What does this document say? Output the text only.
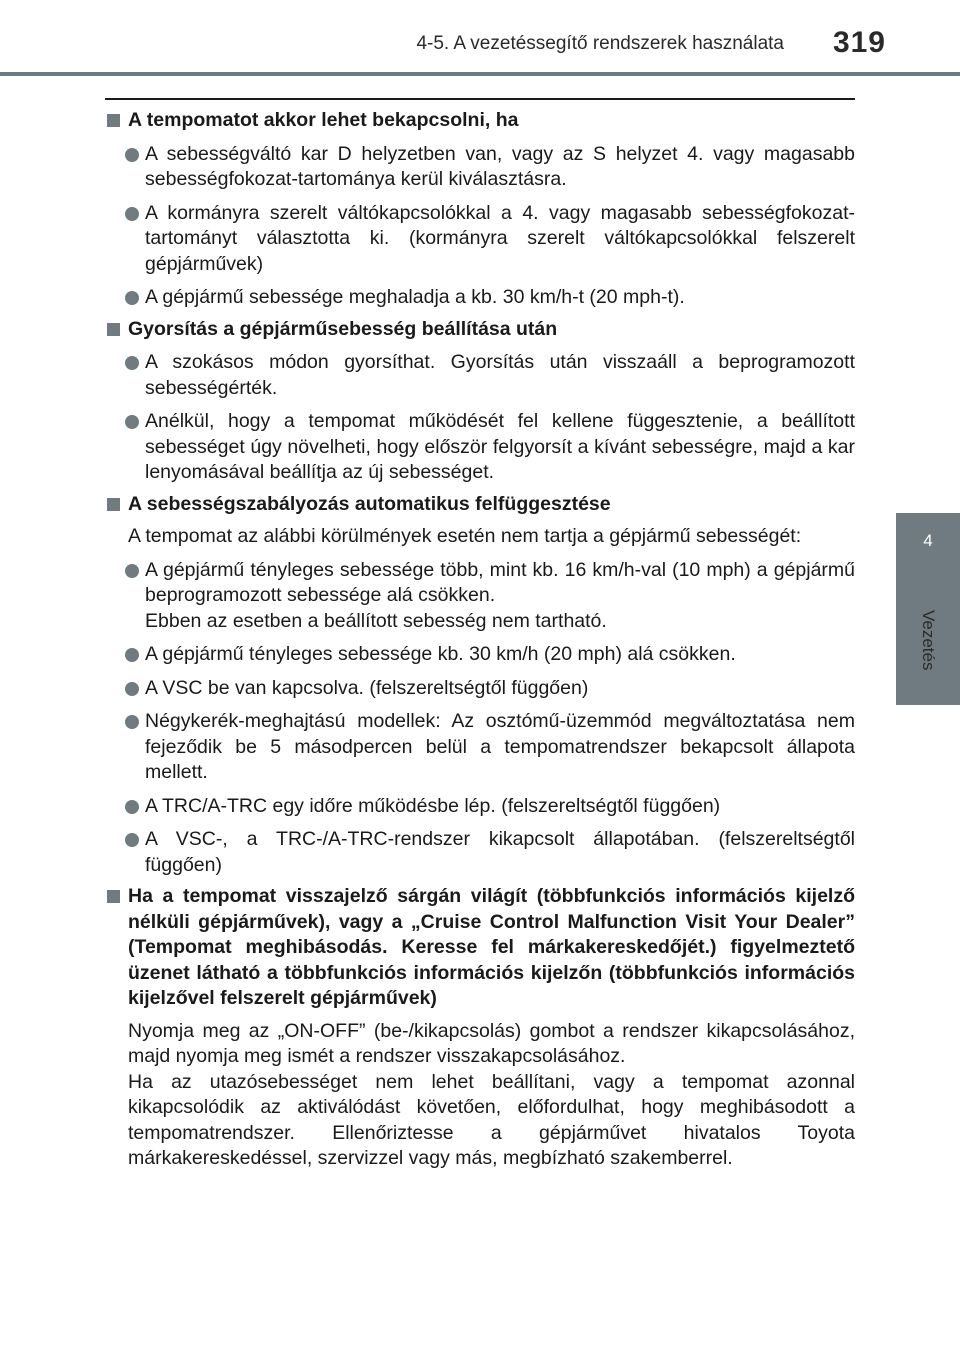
4-5. A vezetéssegítő rendszerek használata	319
4
Vezetés
A tempomatot akkor lehet bekapcsolni, ha
A sebességváltó kar D helyzetben van, vagy az S helyzet 4. vagy magasabb sebességfokozat-tartománya kerül kiválasztásra.
A kormányra szerelt váltókapcsolókkal a 4. vagy magasabb sebességfokozat-tartományt választotta ki. (kormányra szerelt váltókapcsolókkal felszerelt gépjárművek)
A gépjármű sebessége meghaladja a kb. 30 km/h-t (20 mph-t).
Gyorsítás a gépjárműsebesség beállítása után
A szokásos módon gyorsíthat. Gyorsítás után visszaáll a beprogramozott sebességérték.
Anélkül, hogy a tempomat működését fel kellene függesztenie, a beállított sebességet úgy növelheti, hogy először felgyorsít a kívánt sebességre, majd a kar lenyomásával beállítja az új sebességet.
A sebességszabályozás automatikus felfüggesztése
A tempomat az alábbi körülmények esetén nem tartja a gépjármű sebességét:
A gépjármű tényleges sebessége több, mint kb. 16 km/h-val (10 mph) a gépjármű beprogramozott sebessége alá csökken.
Ebben az esetben a beállított sebesség nem tartható.
A gépjármű tényleges sebessége kb. 30 km/h (20 mph) alá csökken.
A VSC be van kapcsolva. (felszereltségtől függően)
Négykerék-meghajtású modellek: Az osztómű-üzemmód megváltoztatása nem fejeződik be 5 másodpercen belül a tempomatrendszer bekapcsolt állapota mellett.
A TRC/A-TRC egy időre működésbe lép. (felszereltségtől függően)
A VSC-, a TRC-/A-TRC-rendszer kikapcsolt állapotában. (felszereltségtől függően)
Ha a tempomat visszajelző sárgán világít (többfunkciós információs kijelző nélküli gépjárművek), vagy a „Cruise Control Malfunction Visit Your Dealer” (Tempomat meghibásodás. Keresse fel márkakereskedőjét.) figyelmeztető üzenet látható a többfunkciós információs kijelzőn (többfunkciós információs kijelzővel felszerelt gépjárművek)
Nyomja meg az „ON-OFF” (be-/kikapcsolás) gombot a rendszer kikapcsolásához, majd nyomja meg ismét a rendszer visszakapcsolásához.
Ha az utazósebességet nem lehet beállítani, vagy a tempomat azonnal kikapcsolódik az aktiválódást követően, előfordulhat, hogy meghibásodott a tempomatrendszer. Ellenőriztesse a gépjárművet hivatalos Toyota márkakereskedéssel, szervizzel vagy más, megbízható szakemberrel.
